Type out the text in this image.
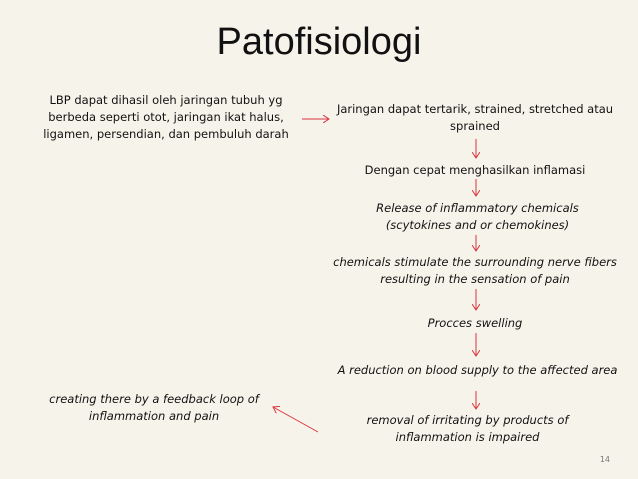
Patofisiologi
LBP dapat dihasil oleh jaringan tubuh yg berbeda seperti otot, jaringan ikat halus, ligamen, persendian, dan pembuluh darah
Jaringan dapat tertarik, strained, stretched atau sprained
Dengan cepat menghasilkan inflamasi
Release of inflammatory chemicals (scytokines and or chemokines)
chemicals stimulate the surrounding nerve fibers resulting in the sensation of pain
Procces swelling
A reduction on blood supply to the affected area
removal of irritating by products of inflammation is impaired
creating there by a feedback loop of inflammation and pain
14
